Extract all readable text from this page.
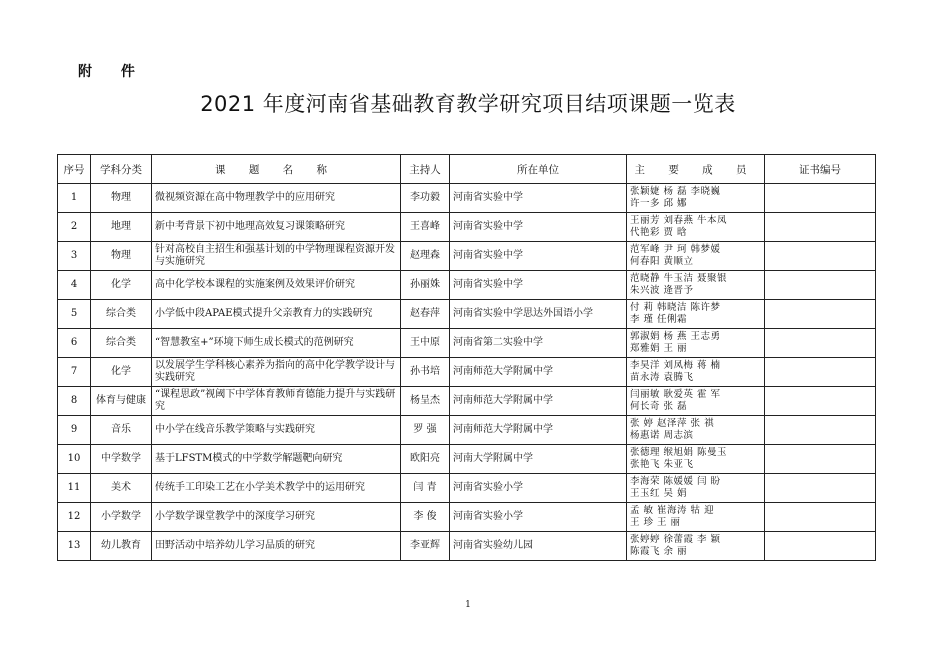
附 件
2021 年度河南省基础教育教学研究项目结项课题一览表
序号	学科分类	课 题 名 称	主持人	所在单位	主 要 成 员	证书编号
1	物理	微视频资源在高中物理教学中的应用研究	李功毅	河南省实验中学	张颖婕 杨 磊 李晓巍
许一多 邱 娜	

2	地理	新中考背景下初中地理高效复习课策略研究	王喜峰	河南省实验中学	王丽芳 刘春燕 牛本凤
代艳彩 贾 晗	

3	物理	针对高校自主招生和强基计划的中学物理课程资源开发与实施研究	赵理森	河南省实验中学	范军峰 尹 珂 韩梦媛
何春阳 黄顺立	

4	化学	高中化学校本课程的实施案例及效果评价研究	孙丽姝	河南省实验中学	范晓静 牛玉洁 聂聚银
朱兴波 逄晋予	

5	综合类	小学低中段APAE模式提升父亲教育力的实践研究	赵春萍	河南省实验中学思达外国语小学	付 莉 韩晓洁 陈许梦
李 瑾 任俐霜	

6	综合类	“智慧教室+”环境下师生成长模式的范例研究	王中原	河南省第二实验中学	郭淑娟 杨 燕 王志勇
郑雅娟 王 丽	

7	化学	以发展学生学科核心素养为指向的高中化学教学设计与实践研究	孙书培	河南师范大学附属中学	李昊洋 刘凤梅 蒋 楠
苗永涛 袁腾飞	

8	体育与健康	“课程思政”视阈下中学体育教师育德能力提升与实践研究	杨呈杰	河南师范大学附属中学	闫丽敏 耿爱英 霍 军
何长奇 张 磊	

9	音乐	中小学在线音乐教学策略与实践研究	罗 强	河南师范大学附属中学	张 婷 赵泽萍 张 祺
杨惠诺 周志滨	

10	中学数学	基于LFSTM模式的中学数学解题靶向研究	欧阳亮	河南大学附属中学	张德理 缑旭娟 陈曼玉
张艳飞 朱亚飞	

11	美术	传统手工印染工艺在小学美术教学中的运用研究	闫 青	河南省实验小学	李海荣 陈媛媛 闫 盼
王玉红 吴 娟	

12	小学数学	小学数学课堂教学中的深度学习研究	李 俊	河南省实验小学	孟 敏 崔海涛 牯 迎
王 珍 王 丽	

13	幼儿教育	田野活动中培养幼儿学习品质的研究	李亚辉	河南省实验幼儿园	张婷婷 徐蕾霞 李 颖
陈霞飞 余 丽	

1
